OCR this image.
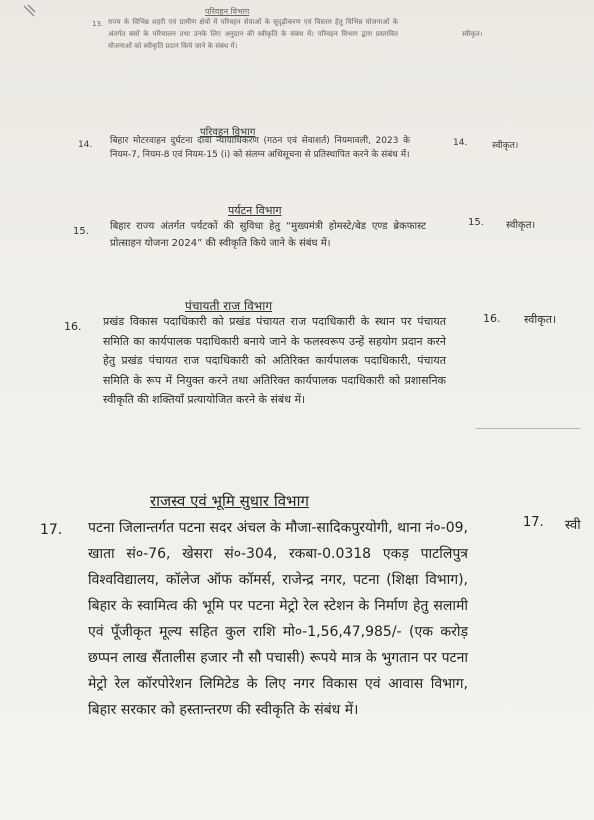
परिवहन विभाग
13. राज्य के विभिन्न शहरी एवं ग्रामीण क्षेत्रों में परिवहन सेवाओं के सुदृढ़ीकरण एवं विस्तार हेतु विभिन्न योजनाओं के अंतर्गत बसों के परिचालन तथा उनके लिए अनुदान की स्वीकृति के संबंध में। परिवहन विभाग द्वारा प्रस्तावित योजनाओं को स्वीकृति प्रदान किये जाने के संबंध में।
स्वीकृत।
परिवहन विभाग
14. बिहार मोटरवाहन दुर्घटना दावा न्यायाधिकरण (गठन एवं सेवाशर्त) नियमावली, 2023 के नियम-7, नियम-8 एवं नियम-15 (i) को संलग्न अधिसूचना से प्रतिस्थापित करने के संबंध में।
14.	स्वीकृत।
पर्यटन विभाग
15. बिहार राज्य अंतर्गत पर्यटकों की सुविधा हेतु “मुख्यमंत्री होमस्टे/बेड एण्ड ब्रेकफास्ट प्रोत्साहन योजना 2024” की स्वीकृति किये जाने के संबंध में।
15. स्वीकृत।
पंचायती राज विभाग
16. प्रखंड विकास पदाधिकारी को प्रखंड पंचायत राज पदाधिकारी के स्थान पर पंचायत समिति का कार्यपालक पदाधिकारी बनाये जाने के फलस्वरूप उन्हें सहयोग प्रदान करने हेतु प्रखंड पंचायत राज पदाधिकारी को अतिरिक्त कार्यपालक पदाधिकारी, पंचायत समिति के रूप में नियुक्त करने तथा अतिरिक्त कार्यपालक पदाधिकारी को प्रशासनिक स्वीकृति की शक्तियाँ प्रत्यायोजित करने के संबंध में।
16. स्वीकृत।
राजस्व एवं भूमि सुधार विभाग
17. पटना जिलान्तर्गत पटना सदर अंचल के मौजा-सादिकपुरयोगी, थाना नं०-09, खाता सं०-76, खेसरा सं०-304, रकबा-0.0318 एकड़ पाटलिपुत्र विश्वविद्यालय, कॉलेज ऑफ कॉमर्स, राजेन्द्र नगर, पटना (शिक्षा विभाग), बिहार के स्वामित्व की भूमि पर पटना मेट्रो रेल स्टेशन के निर्माण हेतु सलामी एवं पूँजीकृत मूल्य सहित कुल राशि मो०-1,56,47,985/- (एक करोड़ छप्पन लाख सैंतालीस हजार नौ सौ पचासी) रूपये मात्र के भुगतान पर पटना मेट्रो रेल कॉरपोरेशन लिमिटेड के लिए नगर विकास एवं आवास विभाग, बिहार सरकार को हस्तान्तरण की स्वीकृति के संबंध में।
17. स्वी
